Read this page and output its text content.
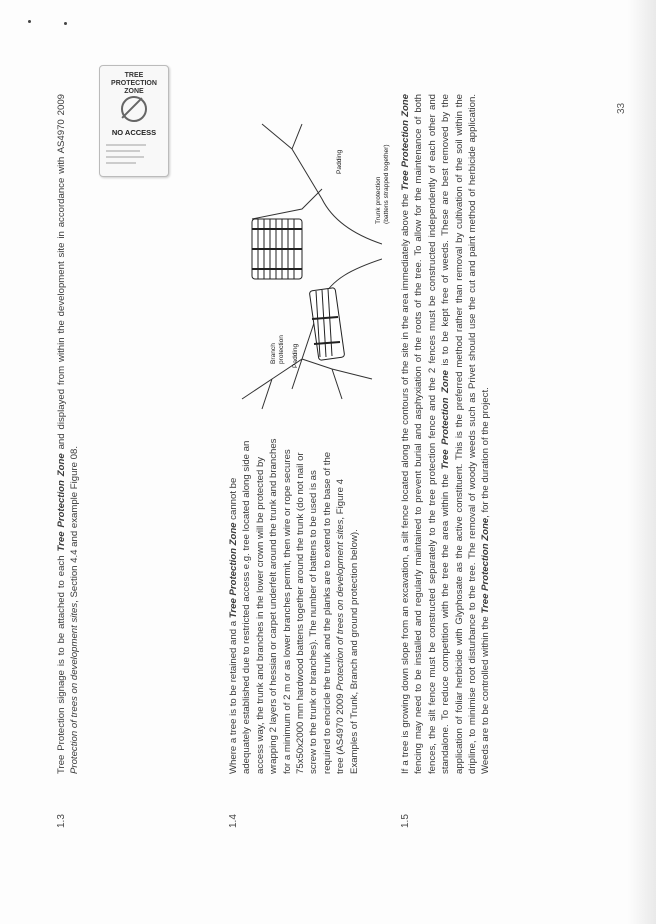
1.3
Tree Protection signage is to be attached to each Tree Protection Zone and displayed from within the development site in accordance with AS4970 2009 Protection of trees on development sites, Section 4.4 and example Figure 08.
TREE
PROTECTION
ZONE
NO ACCESS
1.4
Where a tree is to be retained and a Tree Protection Zone cannot be adequately established due to restricted access e.g. tree located along side an access way, the trunk and branches in the lower crown will be protected by wrapping 2 layers of hessian or carpet underfelt around the trunk and branches for a minimum of 2 m or as lower branches permit, then wire or rope secures 75x50x2000 mm hardwood battens together around the trunk (do not nail or screw to the trunk or branches). The number of battens to be used is as required to encircle the trunk and the planks are to extend to the base of the tree (AS4970 2009 Protection of trees on development sites, Figure 4 Examples of Trunk, Branch and ground protection below).
Padding
Branch protection
Padding
Trunk protection (battens strapped together)
1.5
If a tree is growing down slope from an excavation, a silt fence located along the contours of the site in the area immediately above the Tree Protection Zone fencing may need to be installed and regularly maintained to prevent burial and asphyxiation of the roots of the tree. To allow for the maintenance of both fences, the silt fence must be constructed separately to the tree protection fence and the 2 fences must be constructed independently of each other and standalone. To reduce competition with the tree the area within the Tree Protection Zone is to be kept free of weeds. These are best removed by the application of foliar herbicide with Glyphosate as the active constituent. This is the preferred method rather than removal by cultivation of the soil within the dripline, to minimise root disturbance to the tree. The removal of woody weeds such as Privet should use the cut and paint method of herbicide application. Weeds are to be controlled within the Tree Protection Zone, for the duration of the project.
33
